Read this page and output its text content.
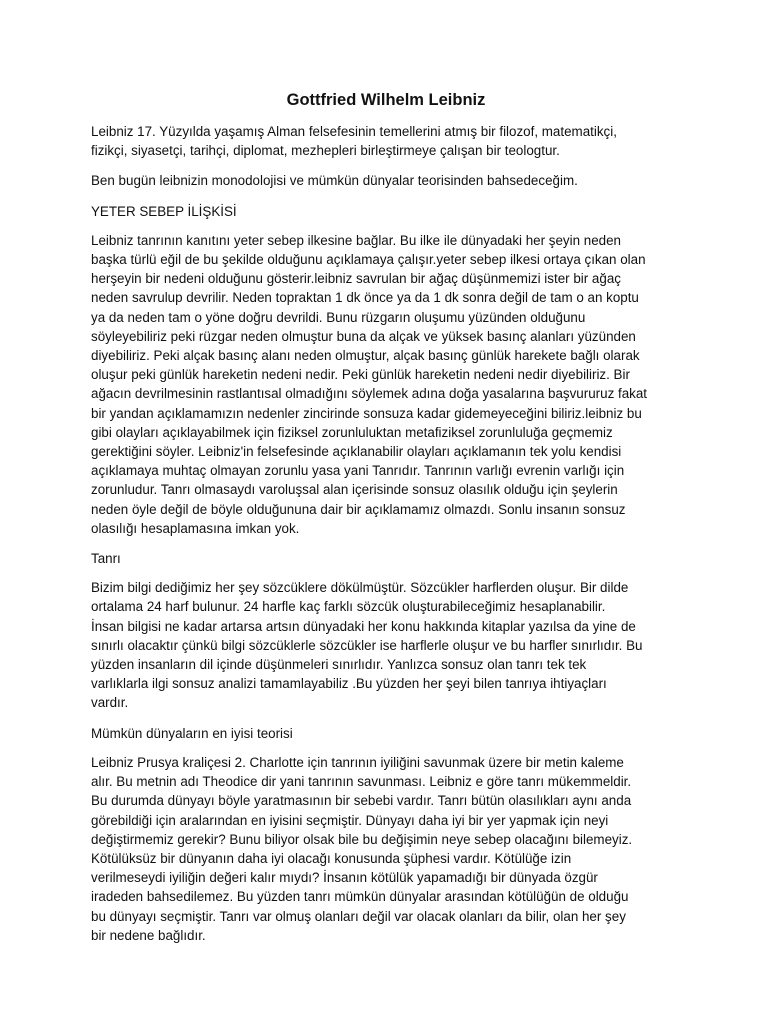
Gottfried Wilhelm Leibniz

Leibniz 17. Yüzyılda yaşamış Alman felsefesinin temellerini atmış bir filozof, matematikçi,
fizikçi, siyasetçi, tarihçi, diplomat, mezhepleri birleştirmeye çalışan bir teologtur.

Ben bugün leibnizin monodolojisi ve mümkün dünyalar teorisinden bahsedeceğim.

YETER SEBEP İLİŞKİSİ

Leibniz tanrının kanıtını yeter sebep ilkesine bağlar. Bu ilke ile dünyadaki her şeyin neden
başka türlü eğil de bu şekilde olduğunu açıklamaya çalışır.yeter sebep ilkesi ortaya çıkan olan
herşeyin bir nedeni olduğunu gösterir.leibniz savrulan bir ağaç düşünmemizi ister bir ağaç
neden savrulup devrilir. Neden topraktan 1 dk önce ya da 1 dk sonra değil de tam o an koptu
ya da neden tam o yöne doğru devrildi. Bunu rüzgarın oluşumu yüzünden olduğunu
söyleyebiliriz peki rüzgar neden olmuştur buna da alçak ve yüksek basınç alanları yüzünden
diyebiliriz. Peki alçak basınç alanı neden olmuştur, alçak basınç günlük harekete bağlı olarak
oluşur peki günlük hareketin nedeni nedir. Peki günlük hareketin nedeni nedir diyebiliriz. Bir
ağacın devrilmesinin rastlantısal olmadığını söylemek adına doğa yasalarına başvururuz fakat
bir yandan açıklamamızın nedenler zincirinde sonsuza kadar gidemeyeceğini biliriz.leibniz bu
gibi olayları açıklayabilmek için fiziksel zorunluluktan metafiziksel zorunluluğa geçmemiz
gerektiğini söyler. Leibniz'in felsefesinde açıklanabilir olayları açıklamanın tek yolu kendisi
açıklamaya muhtaç olmayan zorunlu yasa yani Tanrıdır. Tanrının varlığı evrenin varlığı için
zorunludur. Tanrı olmasaydı varoluşsal alan içerisinde sonsuz olasılık olduğu için şeylerin
neden öyle değil de böyle olduğununa dair bir açıklamamız olmazdı. Sonlu insanın sonsuz
olasılığı hesaplamasına imkan yok.

Tanrı

Bizim bilgi dediğimiz her şey sözcüklere dökülmüştür. Sözcükler harflerden oluşur. Bir dilde
ortalama 24 harf bulunur. 24 harfle kaç farklı sözcük oluşturabileceğimiz hesaplanabilir.
İnsan bilgisi ne kadar artarsa artsın dünyadaki her konu hakkında kitaplar yazılsa da yine de
sınırlı olacaktır çünkü bilgi sözcüklerle sözcükler ise harflerle oluşur ve bu harfler sınırlıdır. Bu
yüzden insanların dil içinde düşünmeleri sınırlıdır. Yanlızca sonsuz olan tanrı tek tek
varlıklarla ilgi sonsuz analizi tamamlayabiliz .Bu yüzden her şeyi bilen tanrıya ihtiyaçları
vardır.

Mümkün dünyaların en iyisi teorisi

Leibniz Prusya kraliçesi 2. Charlotte için tanrının iyiliğini savunmak üzere bir metin kaleme
alır. Bu metnin adı Theodice dir yani tanrının savunması. Leibniz e göre tanrı mükemmeldir.
Bu durumda dünyayı böyle yaratmasının bir sebebi vardır. Tanrı bütün olasılıkları aynı anda
görebildiği için aralarından en iyisini seçmiştir. Dünyayı daha iyi bir yer yapmak için neyi
değiştirmemiz gerekir? Bunu biliyor olsak bile bu değişimin neye sebep olacağını bilemeyiz.
Kötülüksüz bir dünyanın daha iyi olacağı konusunda şüphesi vardır. Kötülüğe izin
verilmeseydi iyiliğin değeri kalır mıydı? İnsanın kötülük yapamadığı bir dünyada özgür
iradeden bahsedilemez. Bu yüzden tanrı mümkün dünyalar arasından kötülüğün de olduğu
bu dünyayı seçmiştir. Tanrı var olmuş olanları değil var olacak olanları da bilir, olan her şey
bir nedene bağlıdır.
